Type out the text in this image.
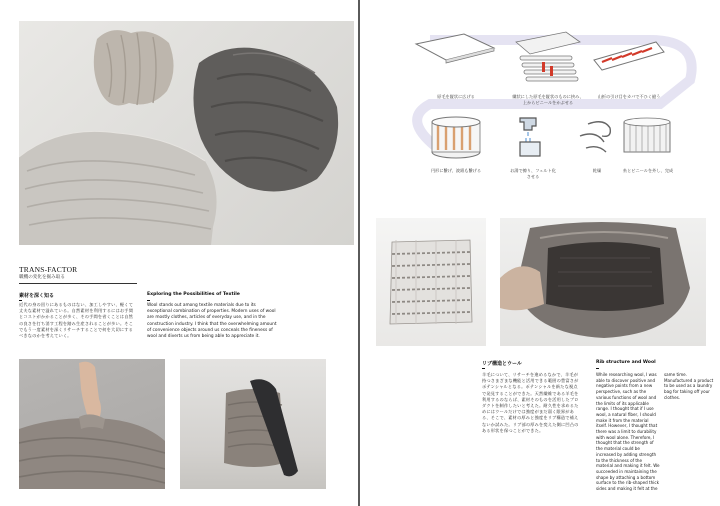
TRANS-FACTOR
職機の変化を掘み取る
素材を深く知る
近代の身の回りにあるものはない、加工しやすい、軽くて丈夫な素材で溢れている。自然素材を利用するにはお手間とコストがかかることが多く、その手間を省くことは自然の良さを打ち消す工程を踏み生産されることが多い。そこでもう一度素材を深くリサーチすることで何を大切にするべきなのかを考えていく。
Exploring the Possibilities of Textile
Wool stands out among textile materials due to its exceptional combination of properties. Modern uses of wool are mostly clothes, articles of everyday use, and in the construction industry. I think that the overwhelming amount of convenience objects around us conceals the fineness of wool and diverts us from being able to appreciate it.
原毛を縦状に広げる	繊状にした原毛を縦状のものに挟み、上からビニールをかぶせる
山折の引け目をカバで不ひく縫う
円形に繋げ、波紙も繋げる	お湯で擦り、フェルト化させる
乾燥	糸とビニールを外し、完成
リブ構造とウール
羊毛について、リサーチを進めるなかで、羊毛が持つさまざまな機能と活用できる範囲の豊富さがポテンシャルとなる。ポテンシャルを新たな視点で発見することができた。天然繊維である羊毛を利用するのならば、素材そのものを活用したプロダクトを制作したいと考えた。耐久性を求めるためにはウールだけでは強度がまだ弱く限界がある、そこで、素材の厚みと強度をリブ構造で補えないか試みた。リブ部の厚みを変えた側に凹凸のある形状を保つことができた。
Rib structure and Wool
While researching wool, I was able to discover positive and negative points from a new perspective, such as the various functions of wool and the limits of its applicable range. I thought that if I use wool, a natural fiber, I should make it from the material itself. However, I thought that there was a limit to durability with wool alone. Therefore, I thought that the strength of the material could be increased by adding strength to the thickness of the material and making it felt. We succeeded in maintaining the shape by attaching a bottom surface to the rib-shaped thick sides and making it felt at the
same time. Manufactured a product to be used as a laundry bag for taking off your clothes.
